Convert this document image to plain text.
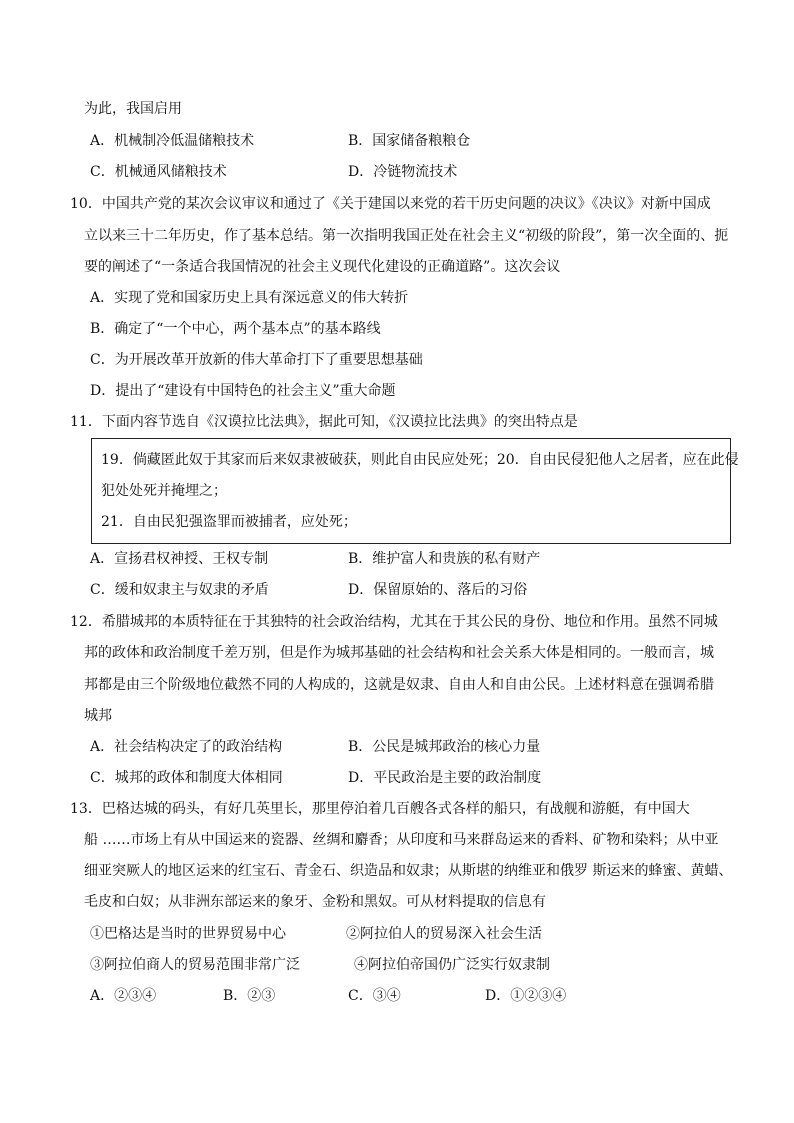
为此，我国启用
A．机械制冷低温储粮技术	B．国家储备粮粮仓
C．机械通风储粮技术	D．冷链物流技术
10．中国共产党的某次会议审议和通过了《关于建国以来党的若干历史问题的决议》《决议》对新中国成
立以来三十二年历史，作了基本总结。第一次指明我国正处在社会主义“初级的阶段”，第一次全面的、扼
要的阐述了“一条适合我国情况的社会主义现代化建设的正确道路”。这次会议
A．实现了党和国家历史上具有深远意义的伟大转折
B．确定了“一个中心，两个基本点”的基本路线
C．为开展改革开放新的伟大革命打下了重要思想基础
D．提出了“建设有中国特色的社会主义”重大命题
11．下面内容节选自《汉谟拉比法典》，据此可知，《汉谟拉比法典》的突出特点是
19．倘藏匿此奴于其家而后来奴隶被破获，则此自由民应处死；20．自由民侵犯他人之居者，应在此侵
犯处处死并掩埋之；
21．自由民犯强盗罪而被捕者，应处死；
A．宣扬君权神授、王权专制	B．维护富人和贵族的私有财产
C．缓和奴隶主与奴隶的矛盾	D．保留原始的、落后的习俗
12．希腊城邦的本质特征在于其独特的社会政治结构，尤其在于其公民的身份、地位和作用。虽然不同城
邦的政体和政治制度千差万别，但是作为城邦基础的社会结构和社会关系大体是相同的。一般而言，城
邦都是由三个阶级地位截然不同的人构成的，这就是奴隶、自由人和自由公民。上述材料意在强调希腊
城邦
A．社会结构决定了的政治结构	B．公民是城邦政治的核心力量
C．城邦的政体和制度大体相同	D．平民政治是主要的政治制度
13．巴格达城的码头，有好几英里长，那里停泊着几百艘各式各样的船只，有战舰和游艇，有中国大
船 ……市场上有从中国运来的瓷器、丝绸和麝香；从印度和马来群岛运来的香料、矿物和染料；从中亚
细亚突厥人的地区运来的红宝石、青金石、织造品和奴隶；从斯堪的纳维亚和俄罗 斯运来的蜂蜜、黄蜡、
毛皮和白奴；从非洲东部运来的象牙、金粉和黑奴。可从材料提取的信息有
①巴格达是当时的世界贸易中心	②阿拉伯人的贸易深入社会生活
③阿拉伯商人的贸易范围非常广泛	④阿拉伯帝国仍广泛实行奴隶制
A．②③④	B．②③	C．③④	D．①②③④
